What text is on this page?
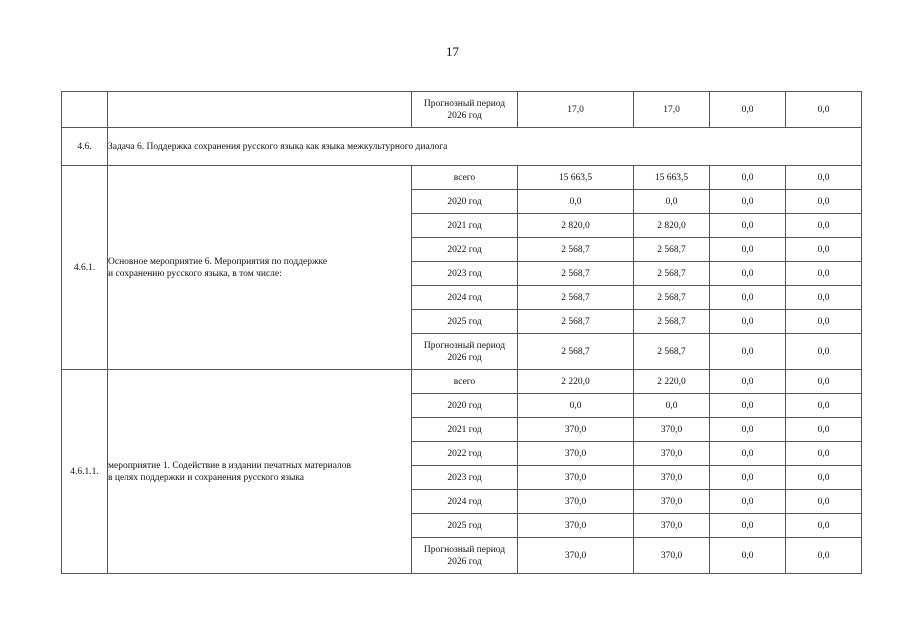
17
		Прогнозный период
2026 год	17,0	17,0	0,0	0,0
4.6.	Задача 6. Поддержка сохранения русского языка как языка межкультурного диалога					
4.6.1.	Основное мероприятие 6. Мероприятия по поддержке
и сохранению русского языка, в том числе:	всего	15 663,5	15 663,5	0,0	0,0
		2020 год	0,0	0,0	0,0	0,0
		2021 год	2 820,0	2 820,0	0,0	0,0
		2022 год	2 568,7	2 568,7	0,0	0,0
		2023 год	2 568,7	2 568,7	0,0	0,0
		2024 год	2 568,7	2 568,7	0,0	0,0
		2025 год	2 568,7	2 568,7	0,0	0,0
		Прогнозный период
2026 год	2 568,7	2 568,7	0,0	0,0
4.6.1.1.	мероприятие 1. Содействие в издании печатных материалов
в целях поддержки и сохранения русского языка	всего	2 220,0	2 220,0	0,0	0,0
		2020 год	0,0	0,0	0,0	0,0
		2021 год	370,0	370,0	0,0	0,0
		2022 год	370,0	370,0	0,0	0,0
		2023 год	370,0	370,0	0,0	0,0
		2024 год	370,0	370,0	0,0	0,0
		2025 год	370,0	370,0	0,0	0,0
		Прогнозный период
2026 год	370,0	370,0	0,0	0,0
